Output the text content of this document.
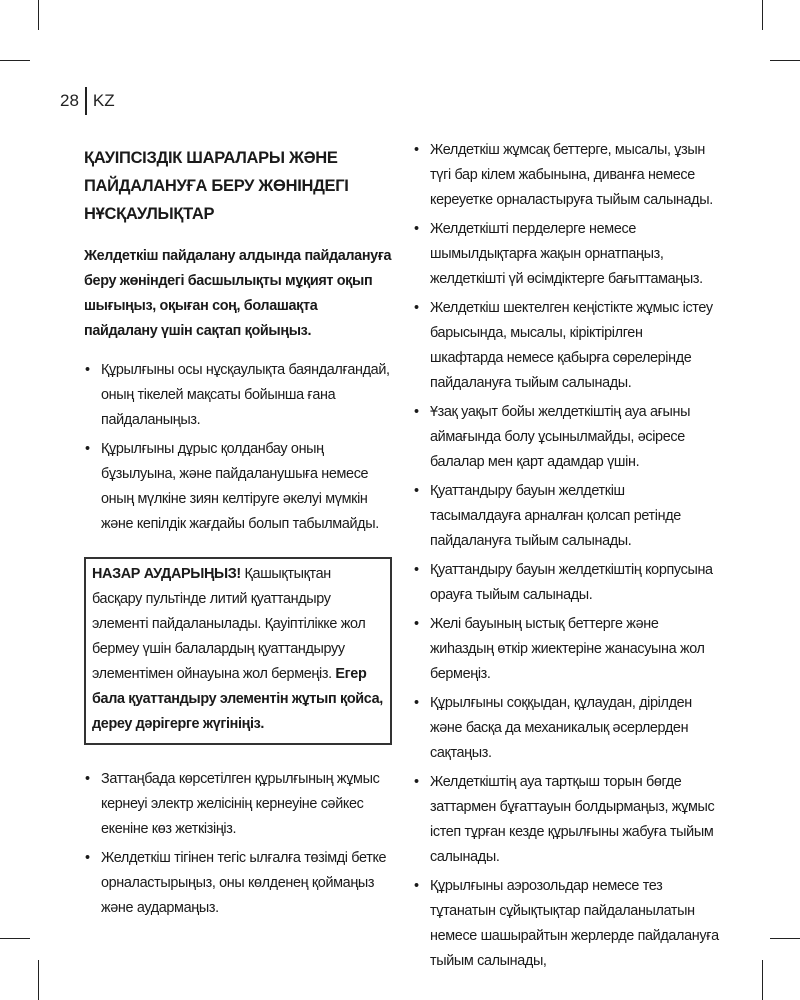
28 KZ
ҚАУІПСІЗДІК ШАРАЛАРЫ ЖӘНЕ ПАЙДАЛАНУҒА БЕРУ ЖӨНІНДЕГІ НҰСҚАУЛЫҚТАР
Желдеткіш пайдалану алдында пайдалануға беру жөніндегі басшылықты мұқият оқып шығыңыз, оқыған соң, болашақта пайдалану үшін сақтап қойыңыз.
• Құрылғыны осы нұсқаулықта баяндалғандай, оның тікелей мақсаты бойынша ғана пайдаланыңыз.
• Құрылғыны дұрыс қолданбау оның бұзылуына, және пайдаланушыға немесе оның мүлкіне зиян келтіруге әкелуі мүмкін және кепілдік жағдайы болып табылмайды.
НАЗАР АУДАРЫҢЫЗ! Қашықтықтан басқару пультінде литий қуаттандыру элементі пайдаланылады. Қауіптілікке жол бермеу үшін балалардың қуаттандыруу элементімен ойнауына жол бермеңіз. Егер бала қуаттандыру элементін жұтып қойса, дереу дәрігерге жүгініңіз.
• Заттаңбада көрсетілген құрылғының жұмыс кернеуі электр желісінің кернеуіне сәйкес екеніне көз жеткізіңіз.
• Желдеткіш тігінен тегіс ылғалға төзімді бетке орналастырыңыз, оны көлденең қоймаңыз және аудармаңыз.
• Желдеткіш жұмсақ беттерге, мысалы, ұзын түгі бар кілем жабынына, диванға немесе кереуетке орналастыруға тыйым салынады.
• Желдеткішті перделерге немесе шымылдықтарға жақын орнатпаңыз, желдеткішті үй өсімдіктерге бағыттамаңыз.
• Желдеткіш шектелген кеңістікте жұмыс істеу барысында, мысалы, кіріктірілген шкафтарда немесе қабырға сөрелерінде пайдалануға тыйым салынады.
• Ұзақ уақыт бойы желдеткіштің ауа ағыны аймағында болу ұсынылмайды, әсіресе балалар мен қарт адамдар үшін.
• Қуаттандыру бауын желдеткіш тасымалдауға арналған қолсап ретінде пайдалануға тыйым салынады.
• Қуаттандыру бауын желдеткіштің корпусына орауға тыйым салынады.
• Желі бауының ыстық беттерге және жиһаздың өткір жиектеріне жанасуына жол бермеңіз.
• Құрылғыны соққыдан, құлаудан, дірілден және басқа да механикалық әсерлерден сақтаңыз.
• Желдеткіштің ауа тартқыш торын бөгде заттармен бұғаттауын болдырмаңыз, жұмыс істеп тұрған кезде құрылғыны жабуға тыйым салынады.
• Құрылғыны аэрозольдар немесе тез тұтанатын сұйықтықтар пайдаланылатын немесе шашырайтын жерлерде пайдалануға тыйым салынады,
